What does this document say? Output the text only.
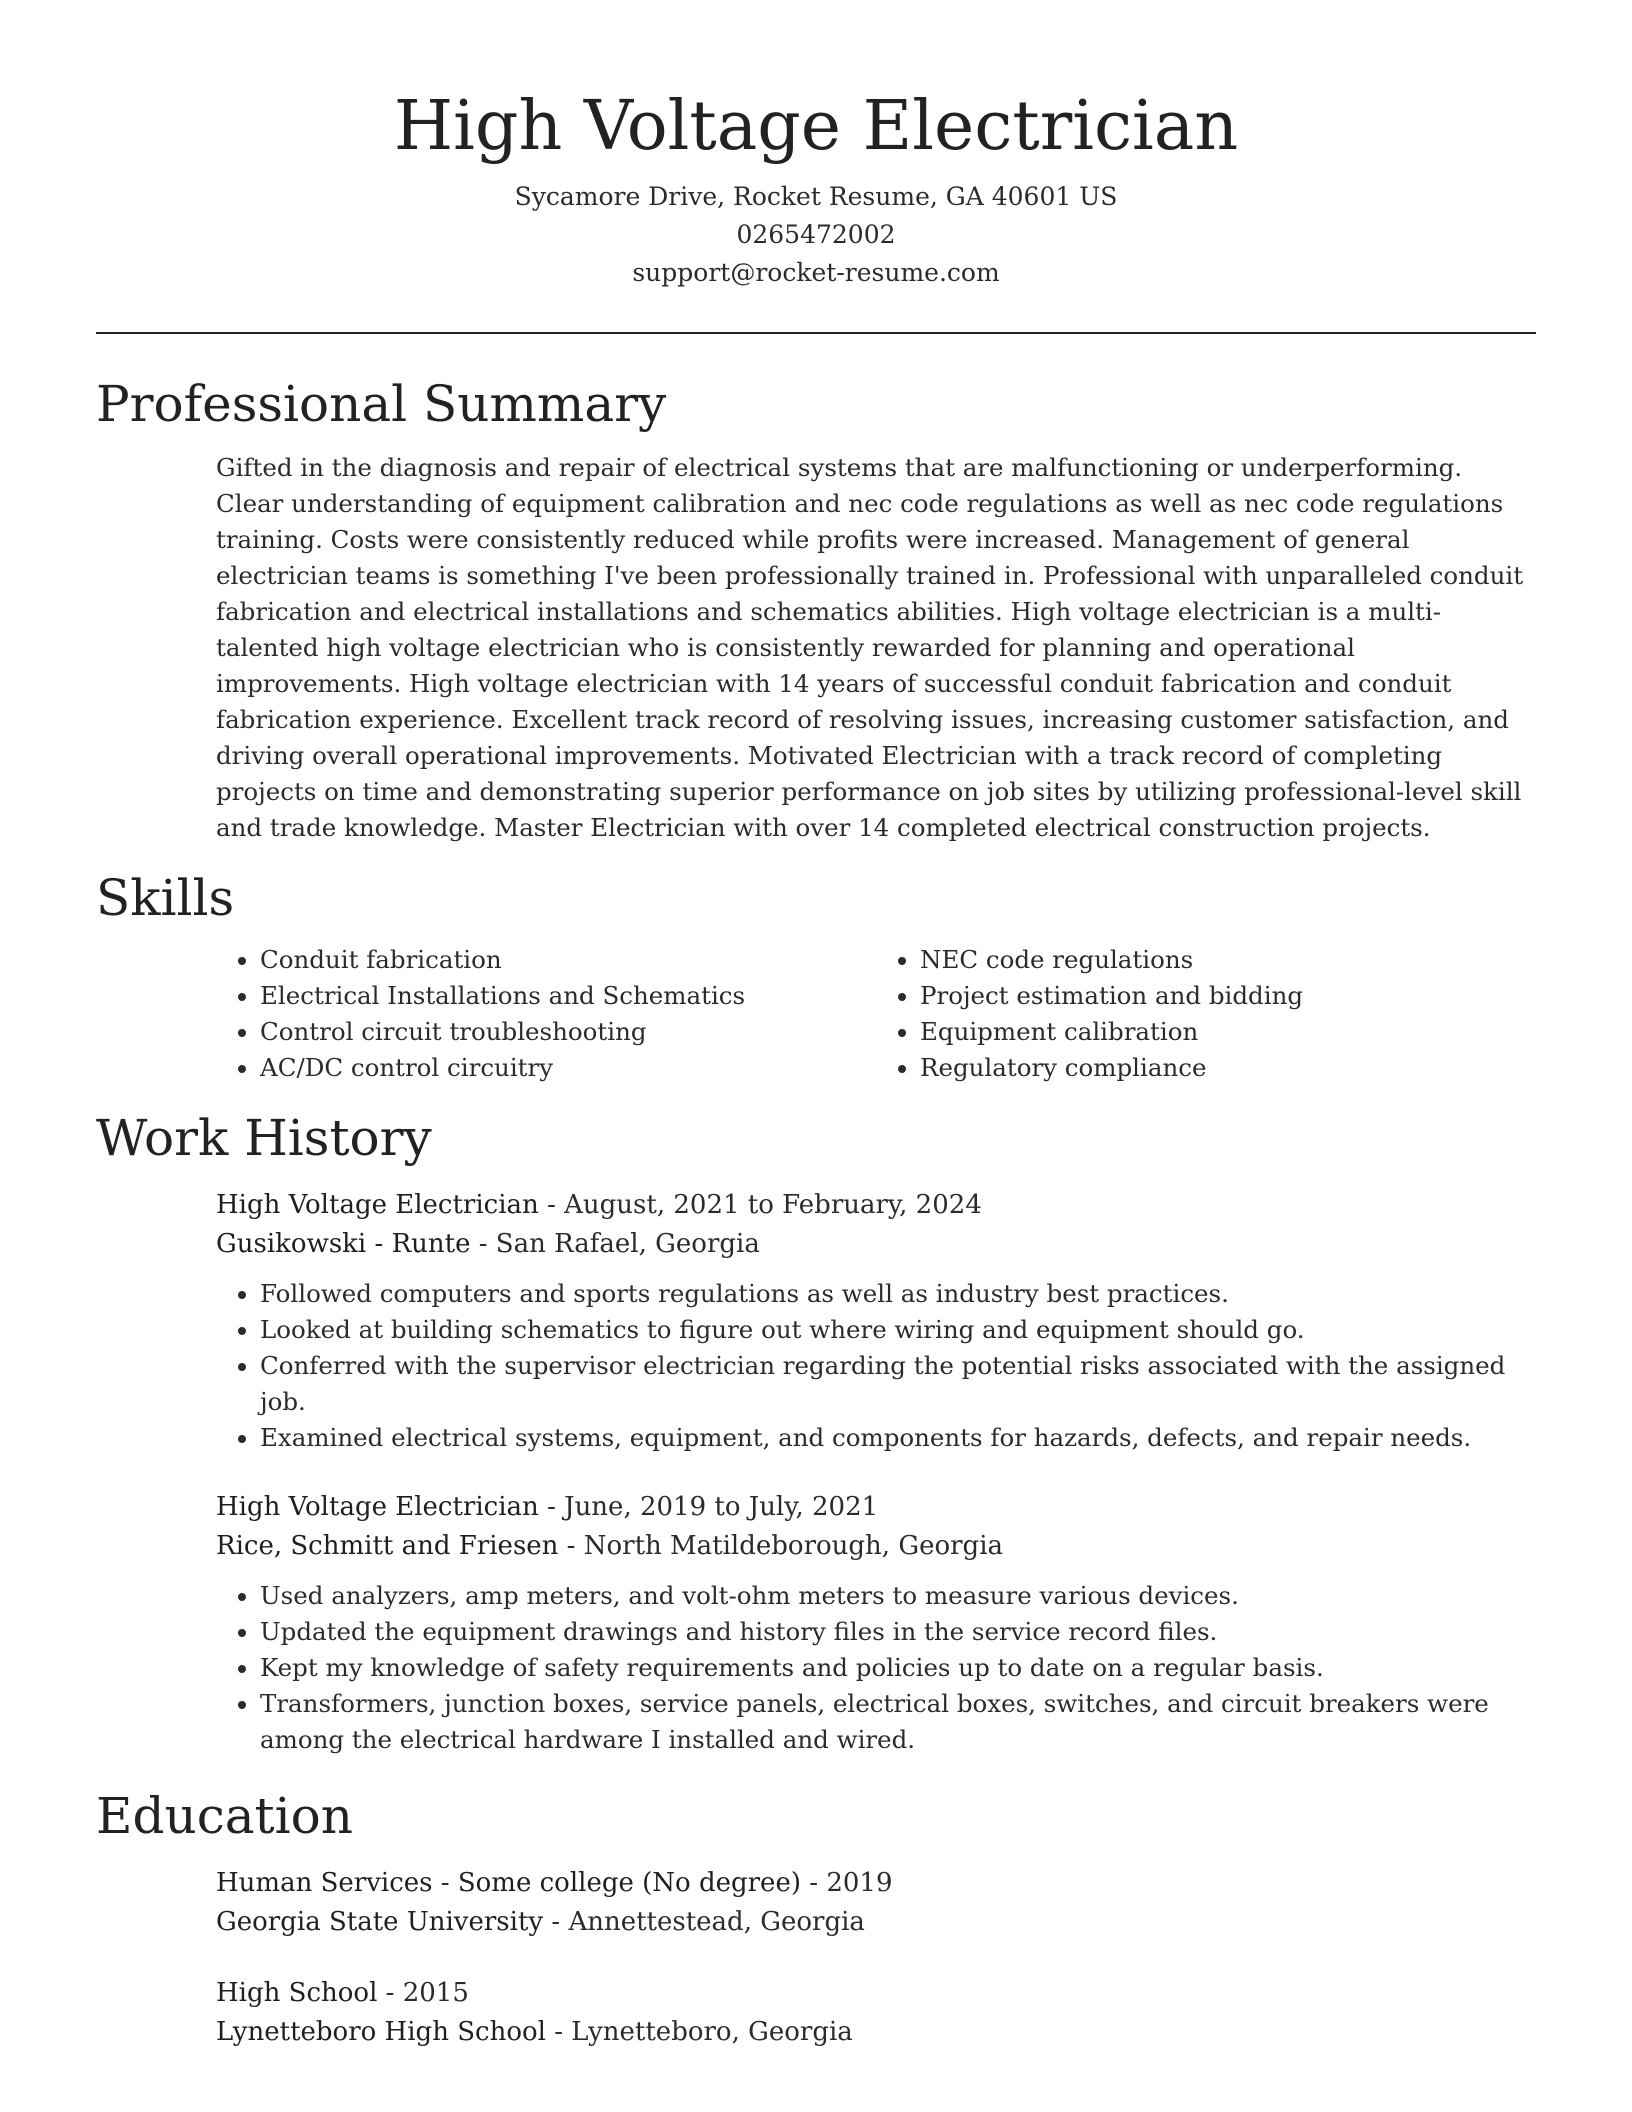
High Voltage Electrician
Sycamore Drive, Rocket Resume, GA 40601 US
0265472002
support@rocket-resume.com
Professional Summary
Gifted in the diagnosis and repair of electrical systems that are malfunctioning or underperforming. Clear understanding of equipment calibration and nec code regulations as well as nec code regulations training. Costs were consistently reduced while profits were increased. Management of general electrician teams is something I've been professionally trained in. Professional with unparalleled conduit fabrication and electrical installations and schematics abilities. High voltage electrician is a multi-talented high voltage electrician who is consistently rewarded for planning and operational improvements. High voltage electrician with 14 years of successful conduit fabrication and conduit fabrication experience. Excellent track record of resolving issues, increasing customer satisfaction, and driving overall operational improvements. Motivated Electrician with a track record of completing projects on time and demonstrating superior performance on job sites by utilizing professional-level skill and trade knowledge. Master Electrician with over 14 completed electrical construction projects.
Skills
• Conduit fabrication
• Electrical Installations and Schematics
• Control circuit troubleshooting
• AC/DC control circuitry
• NEC code regulations
• Project estimation and bidding
• Equipment calibration
• Regulatory compliance
Work History
High Voltage Electrician - August, 2021 to February, 2024
Gusikowski - Runte - San Rafael, Georgia
• Followed computers and sports regulations as well as industry best practices.
• Looked at building schematics to figure out where wiring and equipment should go.
• Conferred with the supervisor electrician regarding the potential risks associated with the assigned job.
• Examined electrical systems, equipment, and components for hazards, defects, and repair needs.
High Voltage Electrician - June, 2019 to July, 2021
Rice, Schmitt and Friesen - North Matildeborough, Georgia
• Used analyzers, amp meters, and volt-ohm meters to measure various devices.
• Updated the equipment drawings and history files in the service record files.
• Kept my knowledge of safety requirements and policies up to date on a regular basis.
• Transformers, junction boxes, service panels, electrical boxes, switches, and circuit breakers were among the electrical hardware I installed and wired.
Education
Human Services - Some college (No degree) - 2019
Georgia State University - Annettestead, Georgia
High School - 2015
Lynetteboro High School - Lynetteboro, Georgia
